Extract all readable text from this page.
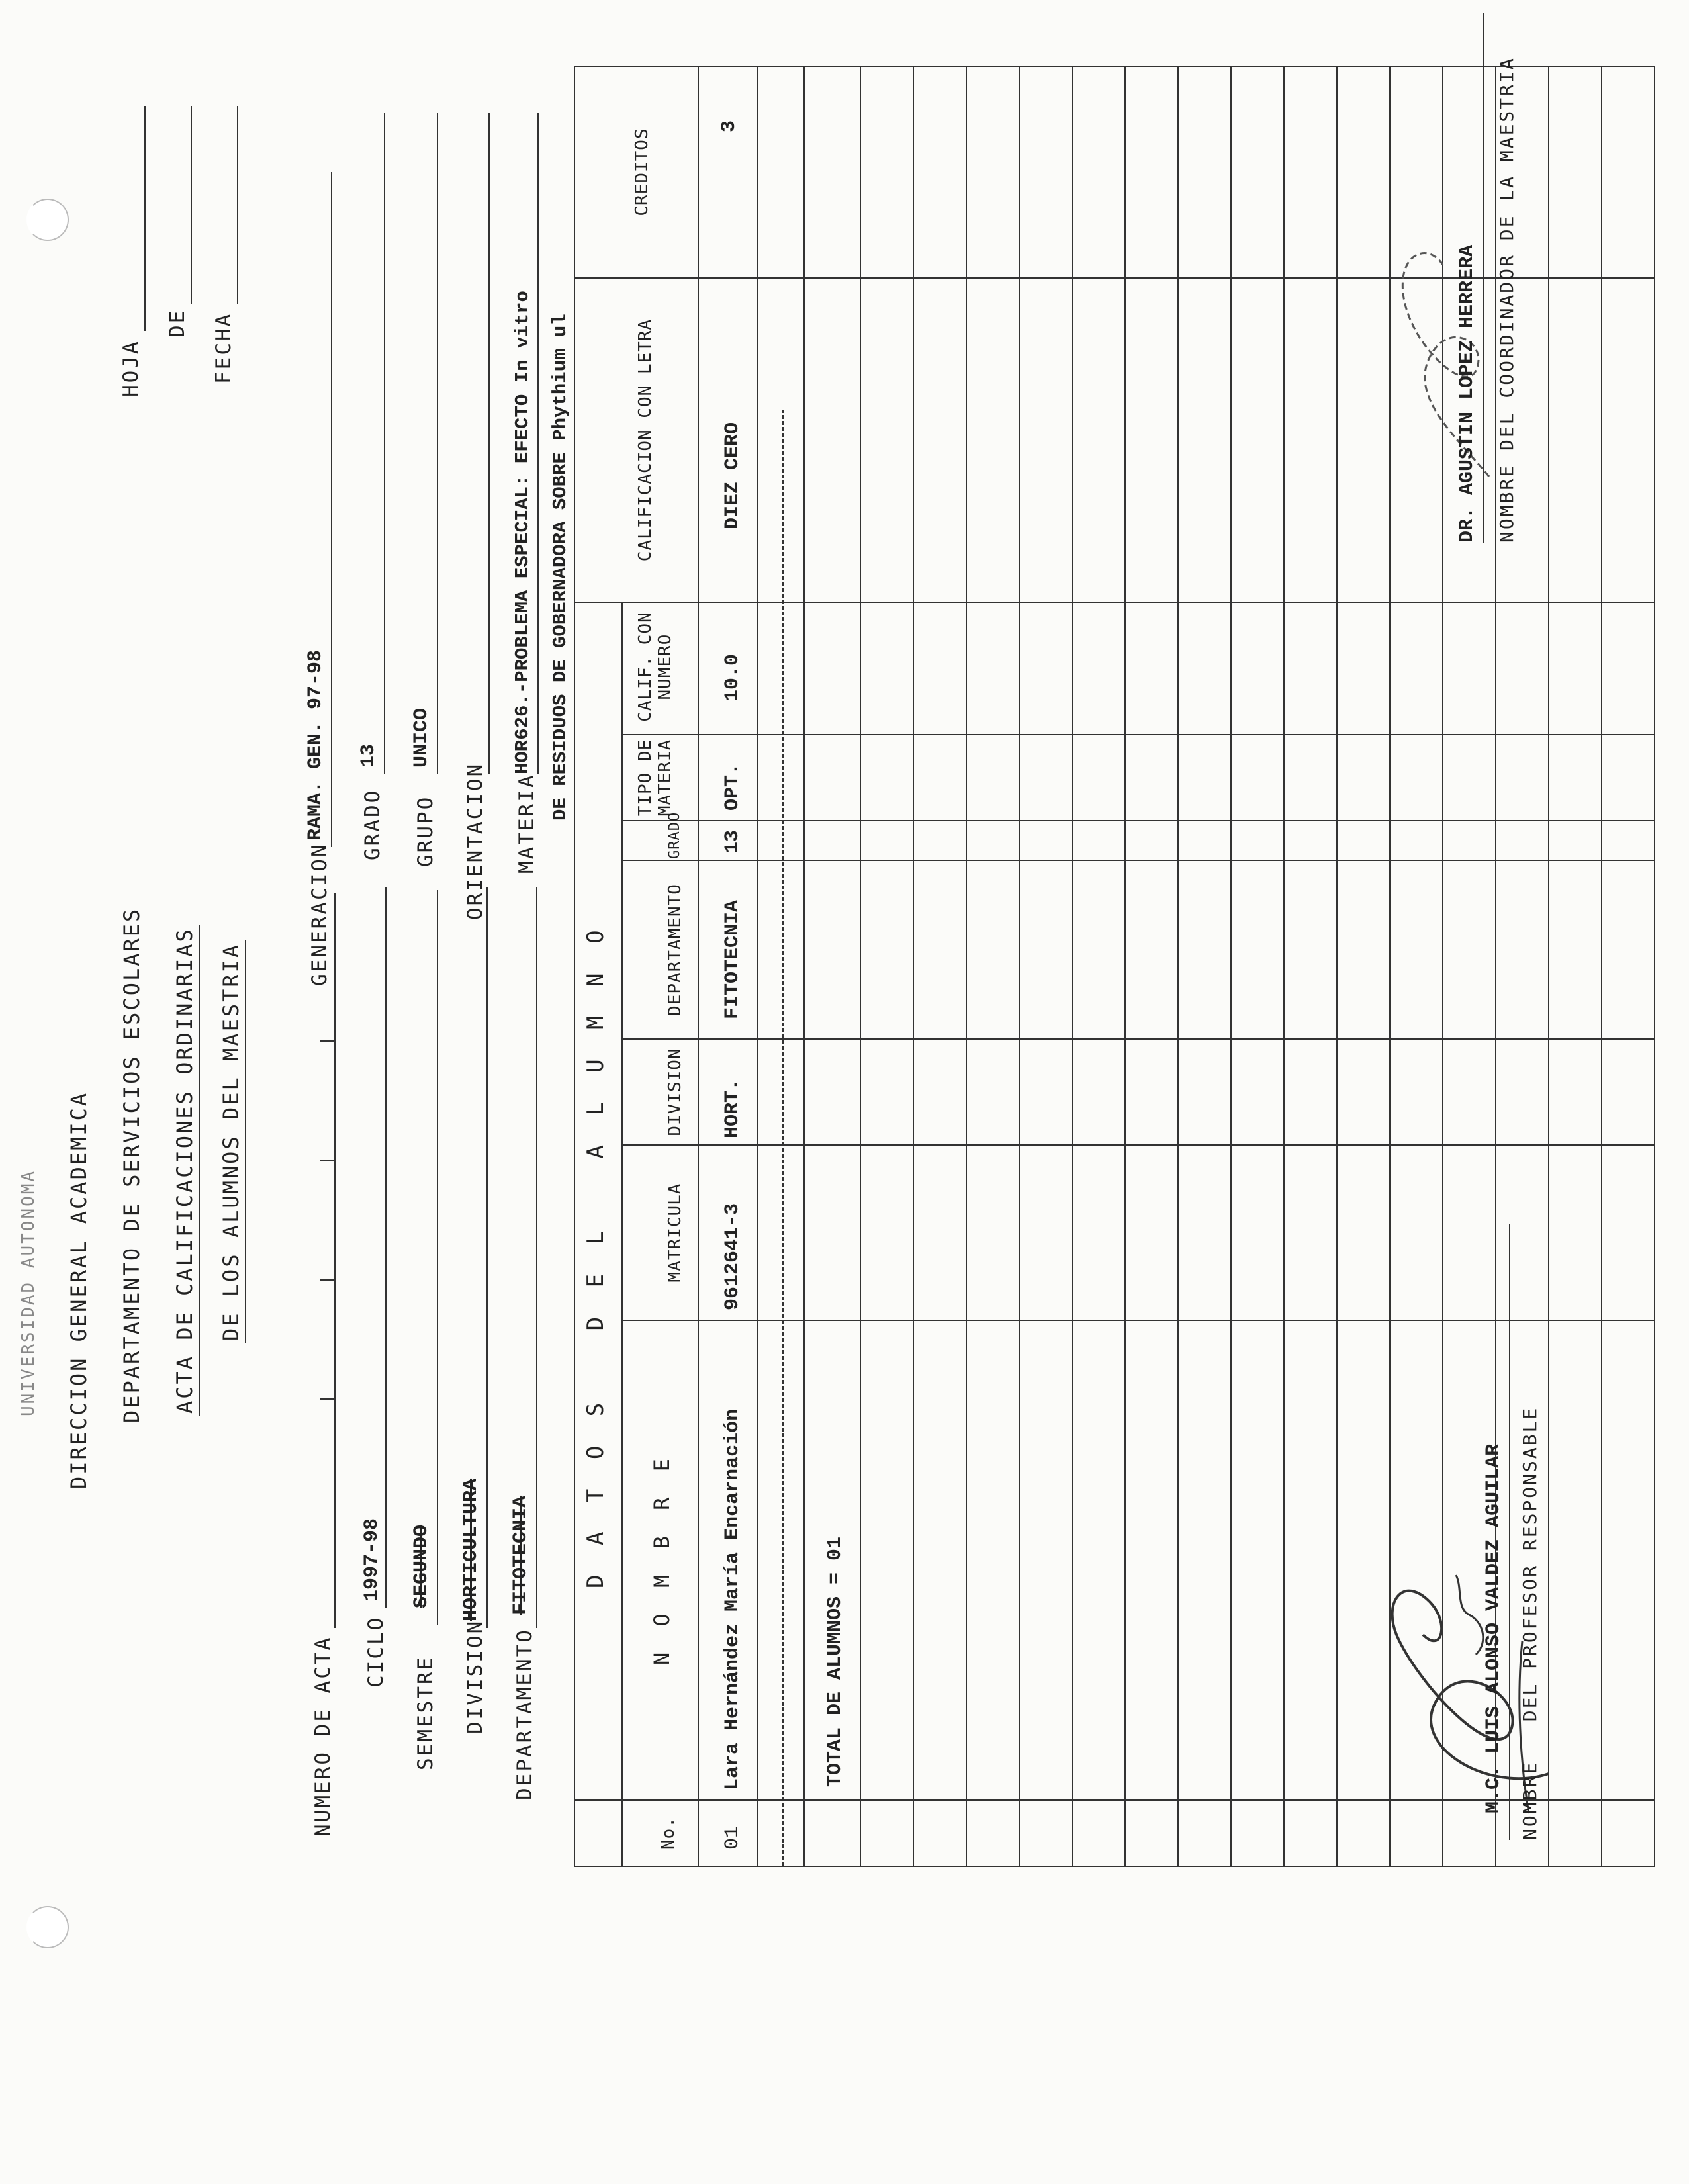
UNIVERSIDAD AUTONOMA DIRECCION GENERAL ACADEMICA DEPARTAMENTO DE SERVICIOS ESCOLARES ACTA DE CALIFICACIONES ORDINARIAS DE LOS ALUMNOS DEL MAESTRIA
HOJA
DE FECHA
NUMERO DE ACTA CICLO
1997-98
SEMESTRE
SEGUNDO
DIVISION
HORTICULTURA
DEPARTAMENTO
FITOTECNIA
GENERACION
RAMA. GEN. 97-98 GRADO
13
GRUPO
UNICO
ORIENTACION MATERIA
HOR626.-PROBLEMA ESPECIAL: EFECTO In vitro DE RESIDUOS DE GOBERNADORA SOBRE Phythium ul
D A T O S   D E L   A L U M N O
No.
N O M B R E
MATRICULA
DIVISION
DEPARTAMENTO
GRADO
TIPO DE MATERIA
CALIF. CON NUMERO
CALIFICACION CON LETRA
CREDITOS
01
Lara Hernández María Encarnación
9612641-3
HORT.
FITOTECNIA
13
OPT.
10.0
DIEZ CERO
3
TOTAL DE ALUMNOS = 01	M.C. LUIS ALONSO VALDEZ AGUILAR NOMBRE   DEL PROFESOR RESPONSABLE
DR. AGUSTIN LOPEZ HERRERA NOMBRE DEL COORDINADOR DE LA MAESTRIA
